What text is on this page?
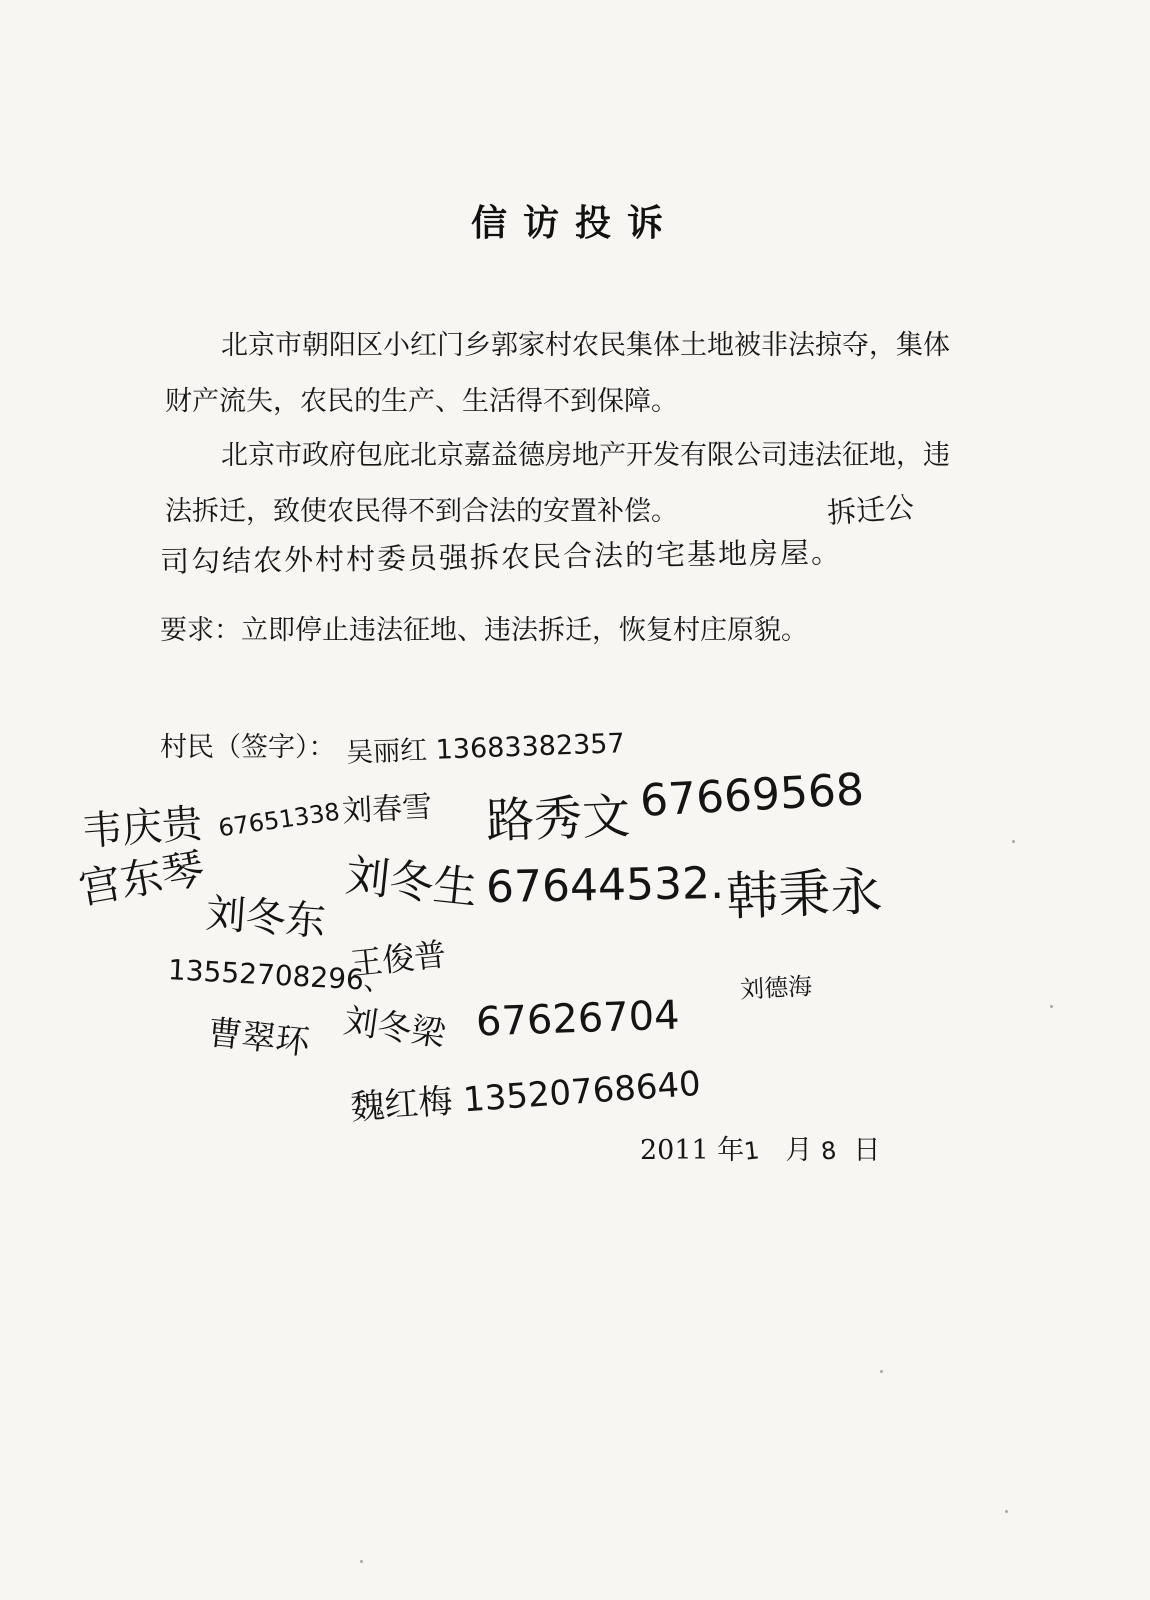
信访投诉
北京市朝阳区小红门乡郭家村农民集体土地被非法掠夺，集体财产流失，农民的生产、生活得不到保障。
北京市政府包庇北京嘉益德房地产开发有限公司违法征地，违法拆迁，致使农民得不到合法的安置补偿。	拆迁公
司勾结农外村村委员强拆农民合法的宅基地房屋。
要求：立即停止违法征地、违法拆迁，恢复村庄原貌。
村民（签字）： 吴丽红 13683382357
韦庆贵 67651338 刘春雪 路秀文 67669568
宫东琴	刘冬生
刘冬东
67644532. 韩秉永
王俊普
13552708296、	刘德海
刘冬梁 67626704
曹翠环
魏红梅 13520768640
2011 年1 月 8 日
